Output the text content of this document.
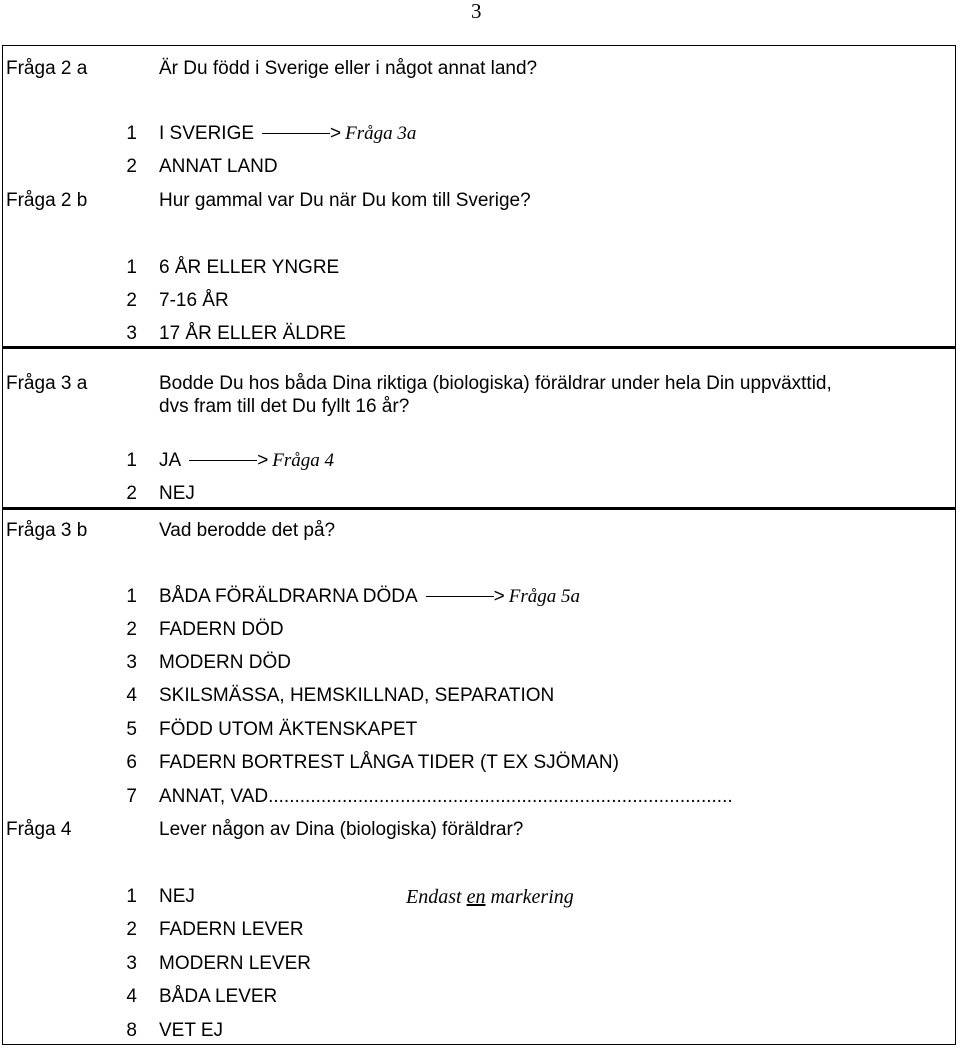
3
Fråga 2 a	Är Du född i Sverige eller i något annat land?
1 I SVERIGE	> Fråga 3a
2 ANNAT LAND
Fråga 2 b	Hur gammal var Du när Du kom till Sverige?
1 6 ÅR ELLER YNGRE
2 7-16 ÅR
3 17 ÅR ELLER ÄLDRE
Fråga 3 a	Bodde Du hos båda Dina riktiga (biologiska) föräldrar under hela Din uppväxttid,
dvs fram till det Du fyllt 16 år?
1 JA	> Fråga 4
2 NEJ
Fråga 3 b	Vad berodde det på?
1 BÅDA FÖRÄLDRARNA DÖDA	> Fråga 5a
2 FADERN DÖD
3 MODERN DÖD
4 SKILSMÄSSA, HEMSKILLNAD, SEPARATION
5 FÖDD UTOM ÄKTENSKAPET
6 FADERN BORTREST LÅNGA TIDER (T EX SJÖMAN)
7 ANNAT, VAD........................................................................................
Fråga 4	Lever någon av Dina (biologiska) föräldrar?
1 NEJ	Endast en markering
2 FADERN LEVER
3 MODERN LEVER
4 BÅDA LEVER
8 VET EJ
